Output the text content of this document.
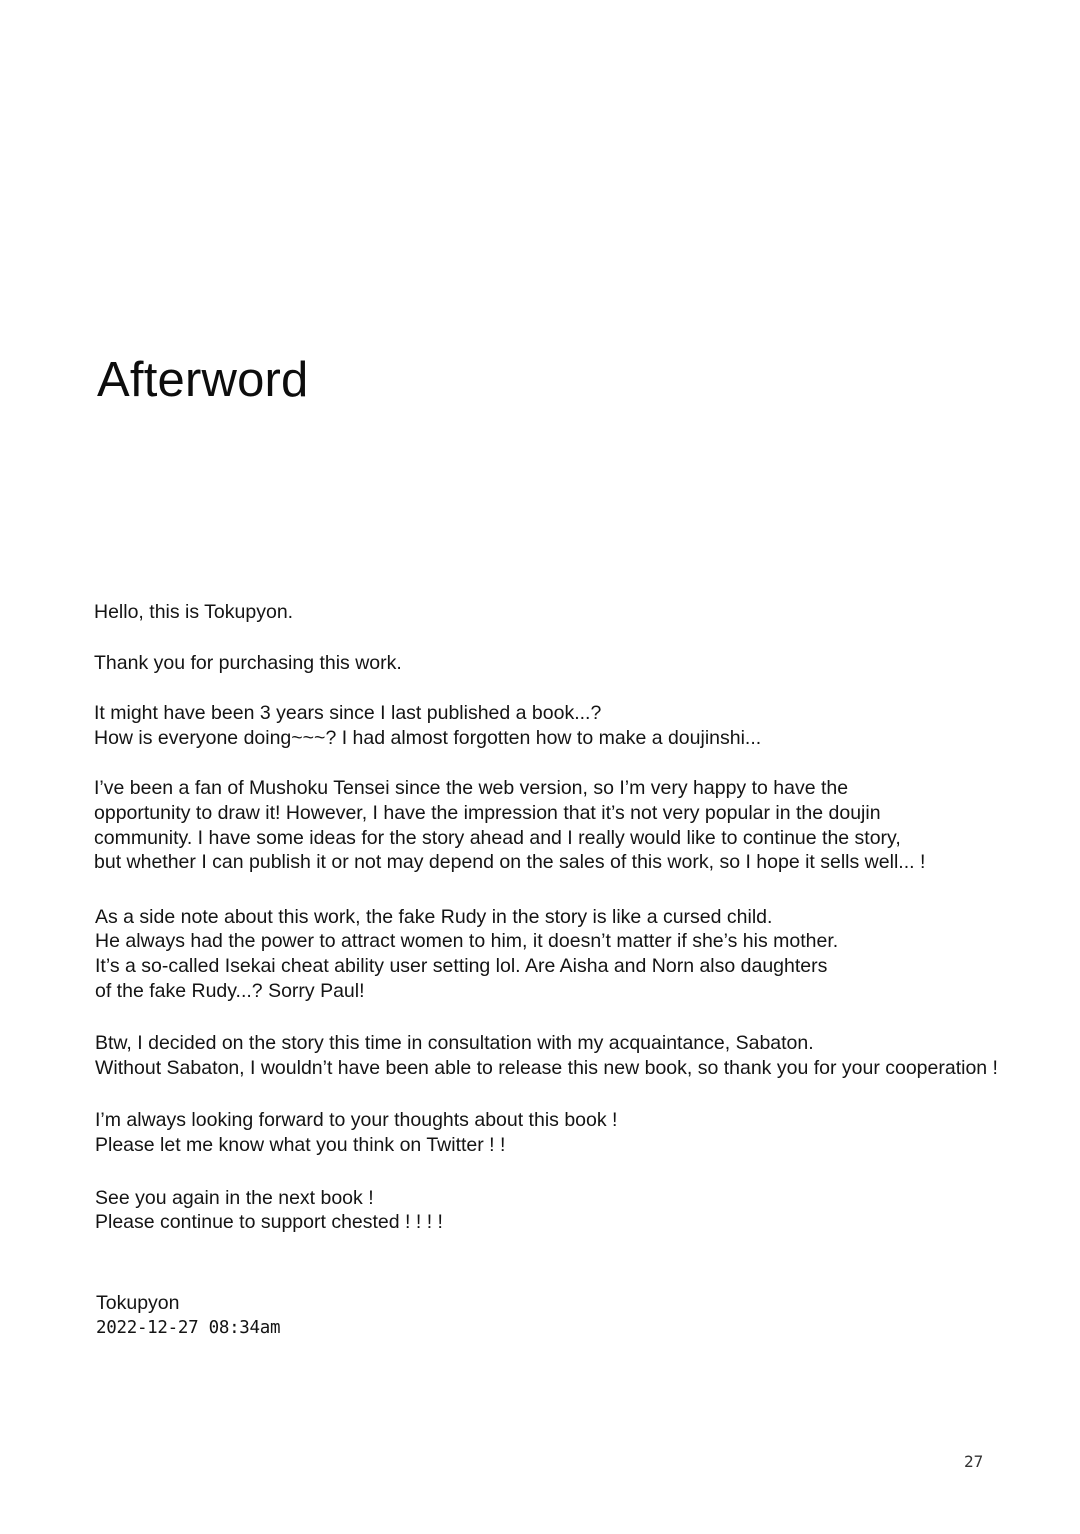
Afterword

Hello, this is Tokupyon.

Thank you for purchasing this work.

It might have been 3 years since I last published a book...?
How is everyone doing~~~? I had almost forgotten how to make a doujinshi...

I’ve been a fan of Mushoku Tensei since the web version, so I’m very happy to have the
opportunity to draw it! However, I have the impression that it’s not very popular in the doujin
community. I have some ideas for the story ahead and I really would like to continue the story,
but whether I can publish it or not may depend on the sales of this work, so I hope it sells well... !

As a side note about this work, the fake Rudy in the story is like a cursed child.
He always had the power to attract women to him, it doesn’t matter if she’s his mother.
It’s a so-called Isekai cheat ability user setting lol. Are Aisha and Norn also daughters
of the fake Rudy...? Sorry Paul!

Btw, I decided on the story this time in consultation with my acquaintance, Sabaton.
Without Sabaton, I wouldn’t have been able to release this new book, so thank you for your cooperation !

I’m always looking forward to your thoughts about this book !
Please let me know what you think on Twitter ! !

See you again in the next book !
Please continue to support chested ! ! ! !

Tokupyon
2022-12-27 08:34am
27
